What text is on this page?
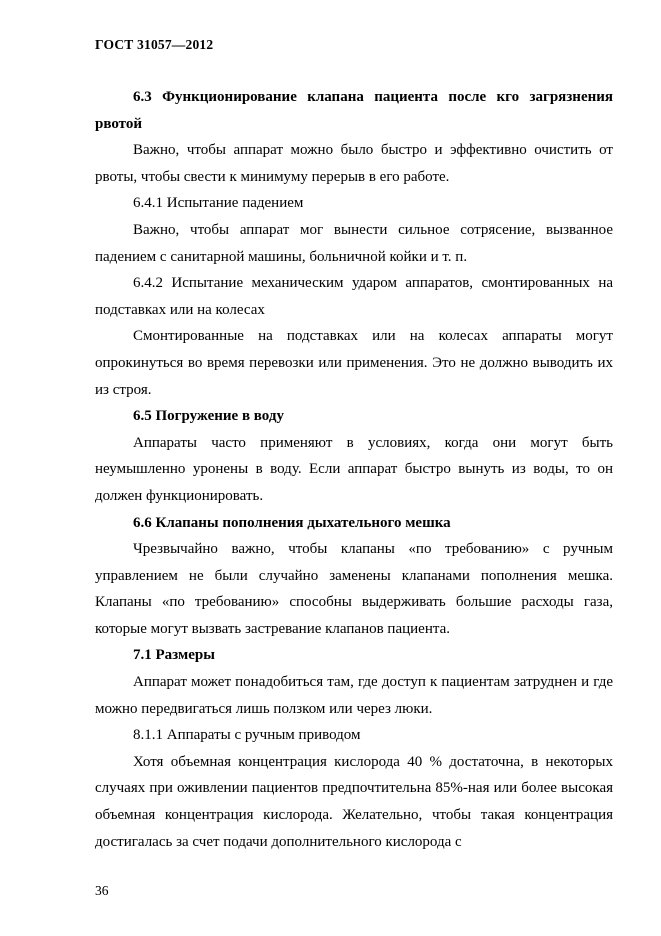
ГОСТ 31057—2012

6.3 Функционирование клапана пациента после кго загрязнения рвотой

Важно, чтобы аппарат можно было быстро и эффективно очистить от рвоты, чтобы свести к минимуму перерыв в его работе.

6.4.1 Испытание падением

Важно, чтобы аппарат мог вынести сильное сотрясение, вызванное падением с санитарной машины, больничной койки и т. п.

6.4.2 Испытание механическим ударом аппаратов, смонтированных на подставках или на колесах

Смонтированные на подставках или на колесах аппараты могут опрокинуться во время перевозки или применения. Это не должно выводить их из строя.

6.5 Погружение в воду

Аппараты часто применяют в условиях, когда они могут быть неумышленно уронены в воду. Если аппарат быстро вынуть из воды, то он должен функционировать.

6.6 Клапаны пополнения дыхательного мешка

Чрезвычайно важно, чтобы клапаны «по требованию» с ручным управлением не были случайно заменены клапанами пополнения мешка. Клапаны «по требованию» способны выдерживать большие расходы газа, которые могут вызвать застревание клапанов пациента.

7.1 Размеры

Аппарат может понадобиться там, где доступ к пациентам затруднен и где можно передвигаться лишь ползком или через люки.

8.1.1 Аппараты с ручным приводом

Хотя объемная концентрация кислорода 40 % достаточна, в некоторых случаях при оживлении пациентов предпочтительна 85%-ная или более высокая объемная концентрация кислорода. Желательно, чтобы такая концентрация достигалась за счет подачи дополнительного кислорода с

36
